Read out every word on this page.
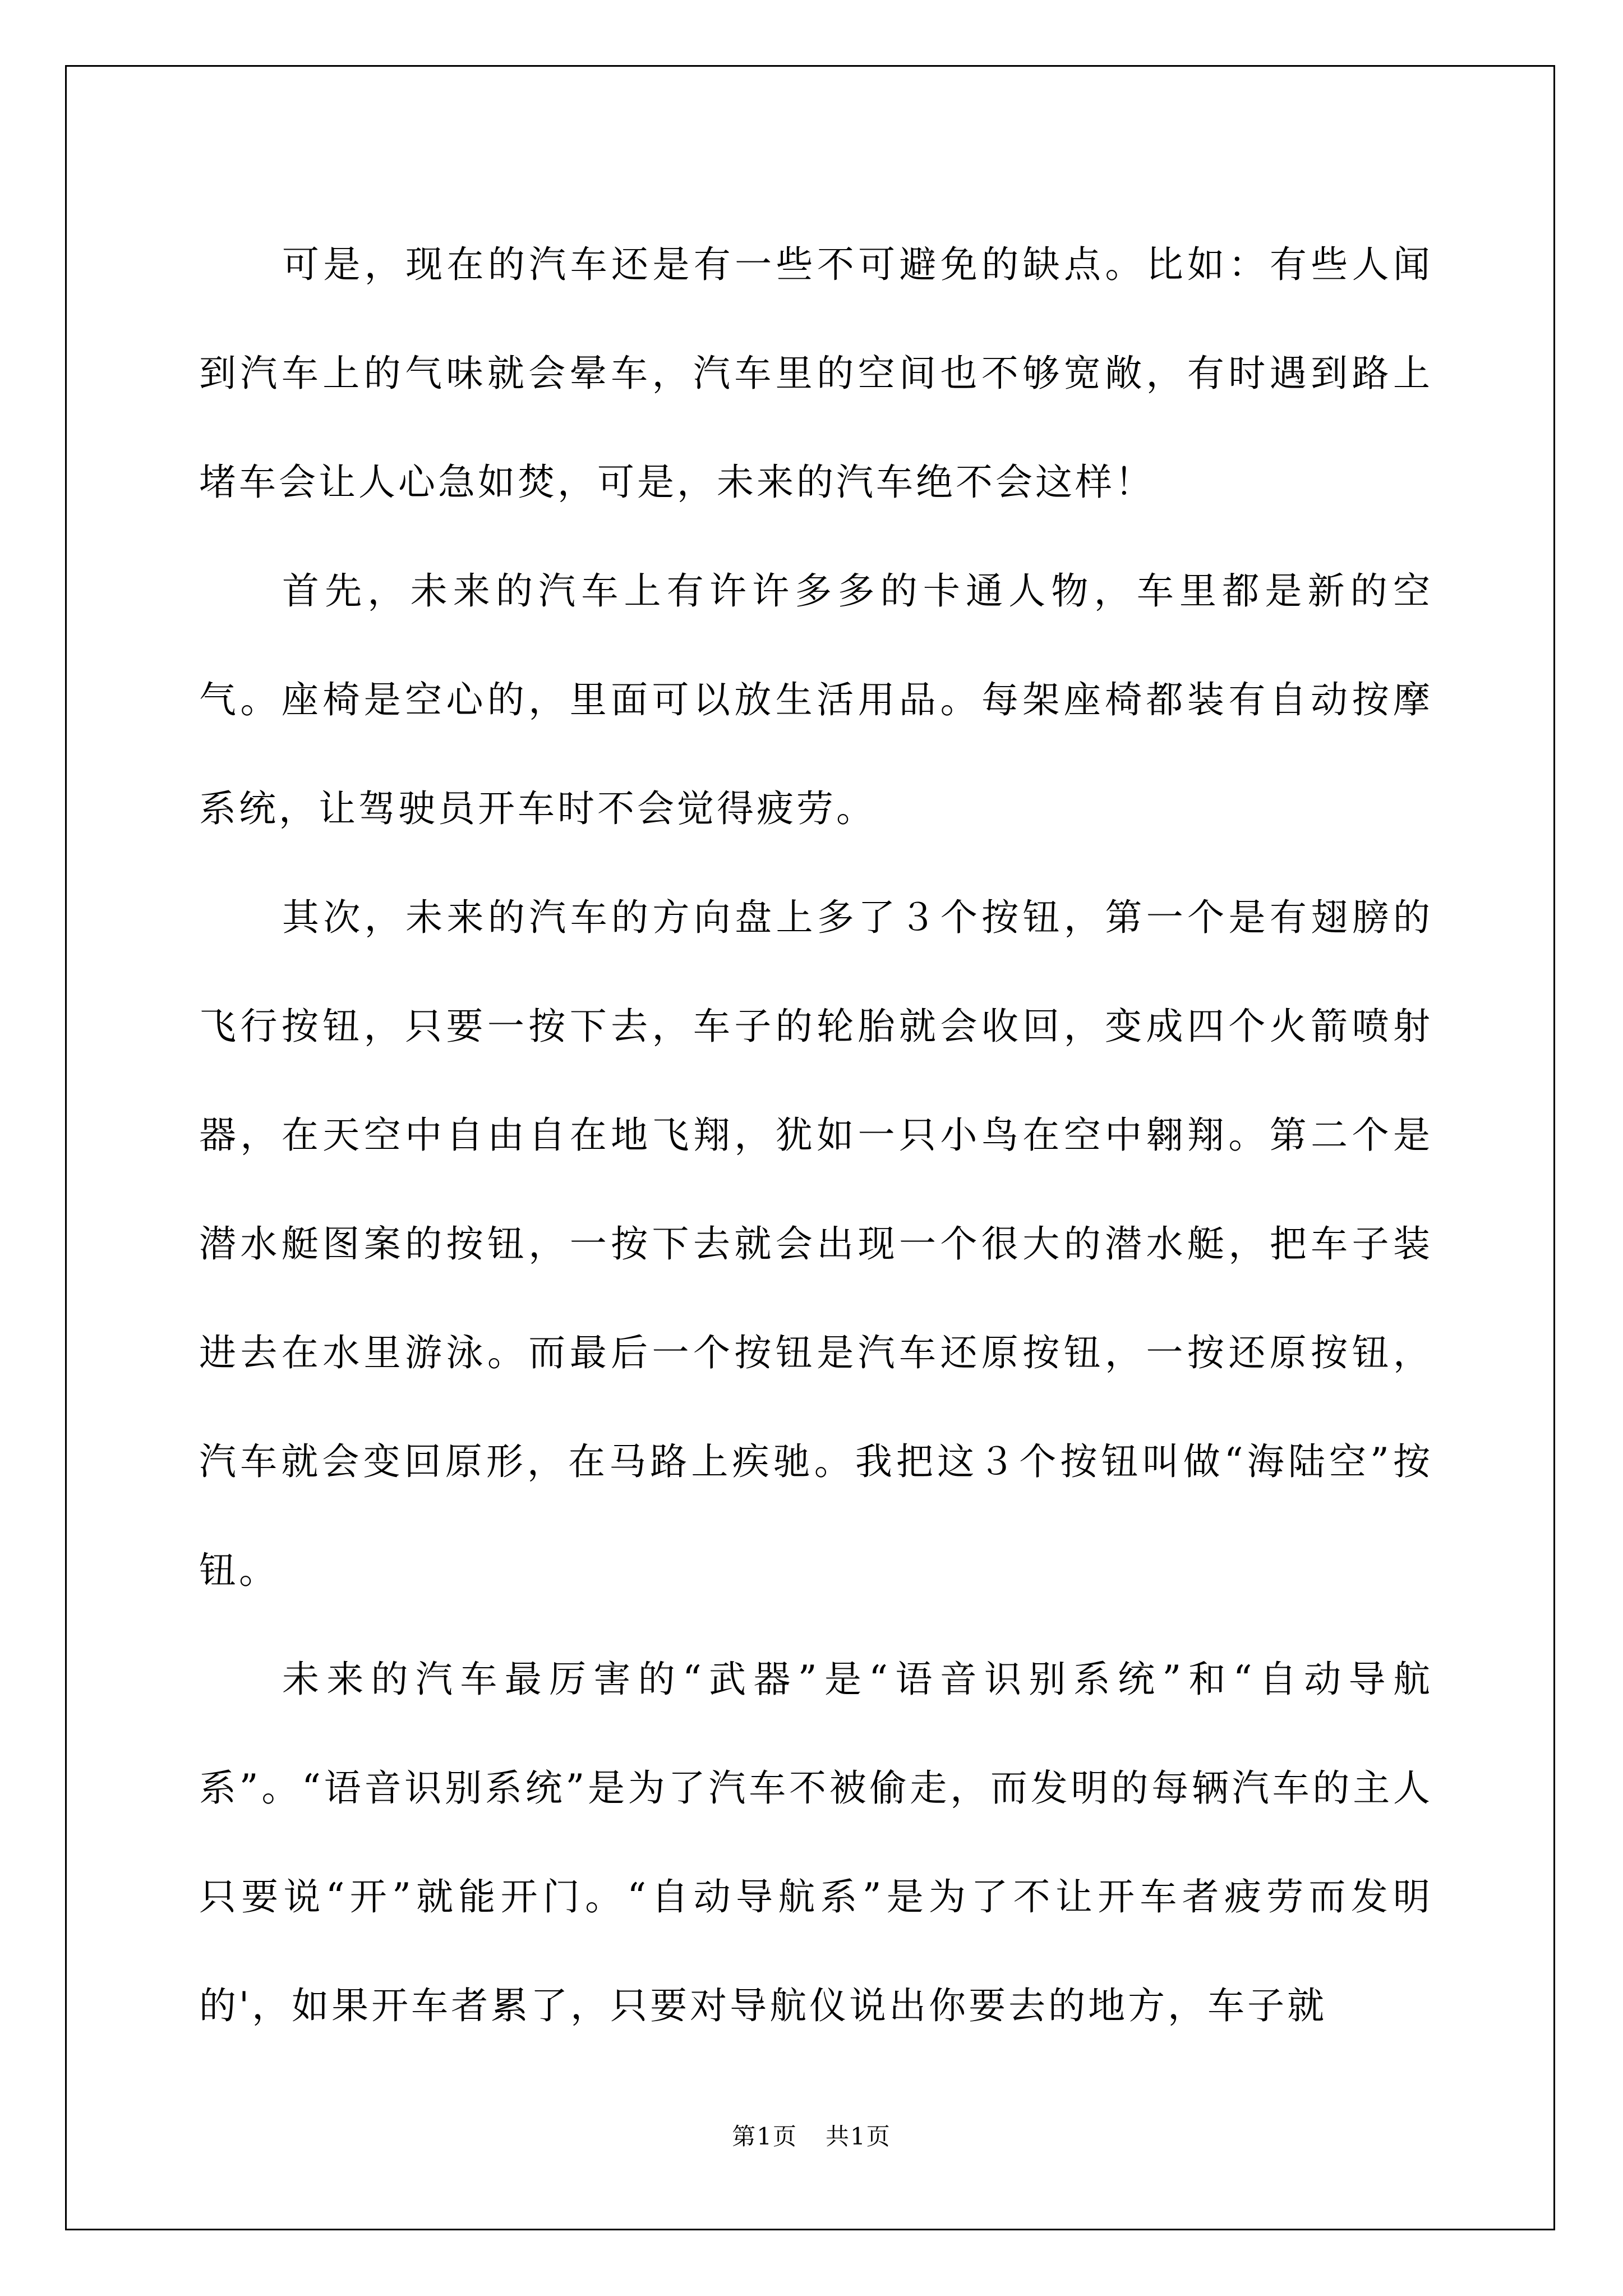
可是，现在的汽车还是有一些不可避免的缺点。比如：有些人闻到汽车上的气味就会晕车，汽车里的空间也不够宽敞，有时遇到路上堵车会让人心急如焚，可是，未来的汽车绝不会这样！

首先，未来的汽车上有许许多多的卡通人物，车里都是新的空气。座椅是空心的，里面可以放生活用品。每架座椅都装有自动按摩系统，让驾驶员开车时不会觉得疲劳。

其次，未来的汽车的方向盘上多了３个按钮，第一个是有翅膀的飞行按钮，只要一按下去，车子的轮胎就会收回，变成四个火箭喷射器，在天空中自由自在地飞翔，犹如一只小鸟在空中翱翔。第二个是潜水艇图案的按钮，一按下去就会出现一个很大的潜水艇，把车子装进去在水里游泳。而最后一个按钮是汽车还原按钮，一按还原按钮，汽车就会变回原形，在马路上疾驰。我把这３个按钮叫做“海陆空”按钮。

未来的汽车最厉害的“武器”是“语音识别系统”和“自动导航系”。“语音识别系统”是为了汽车不被偷走，而发明的每辆汽车的主人只要说“开”就能开门。“自动导航系”是为了不让开车者疲劳而发明的'，如果开车者累了，只要对导航仪说出你要去的地方，车子就

第1页 共1页
